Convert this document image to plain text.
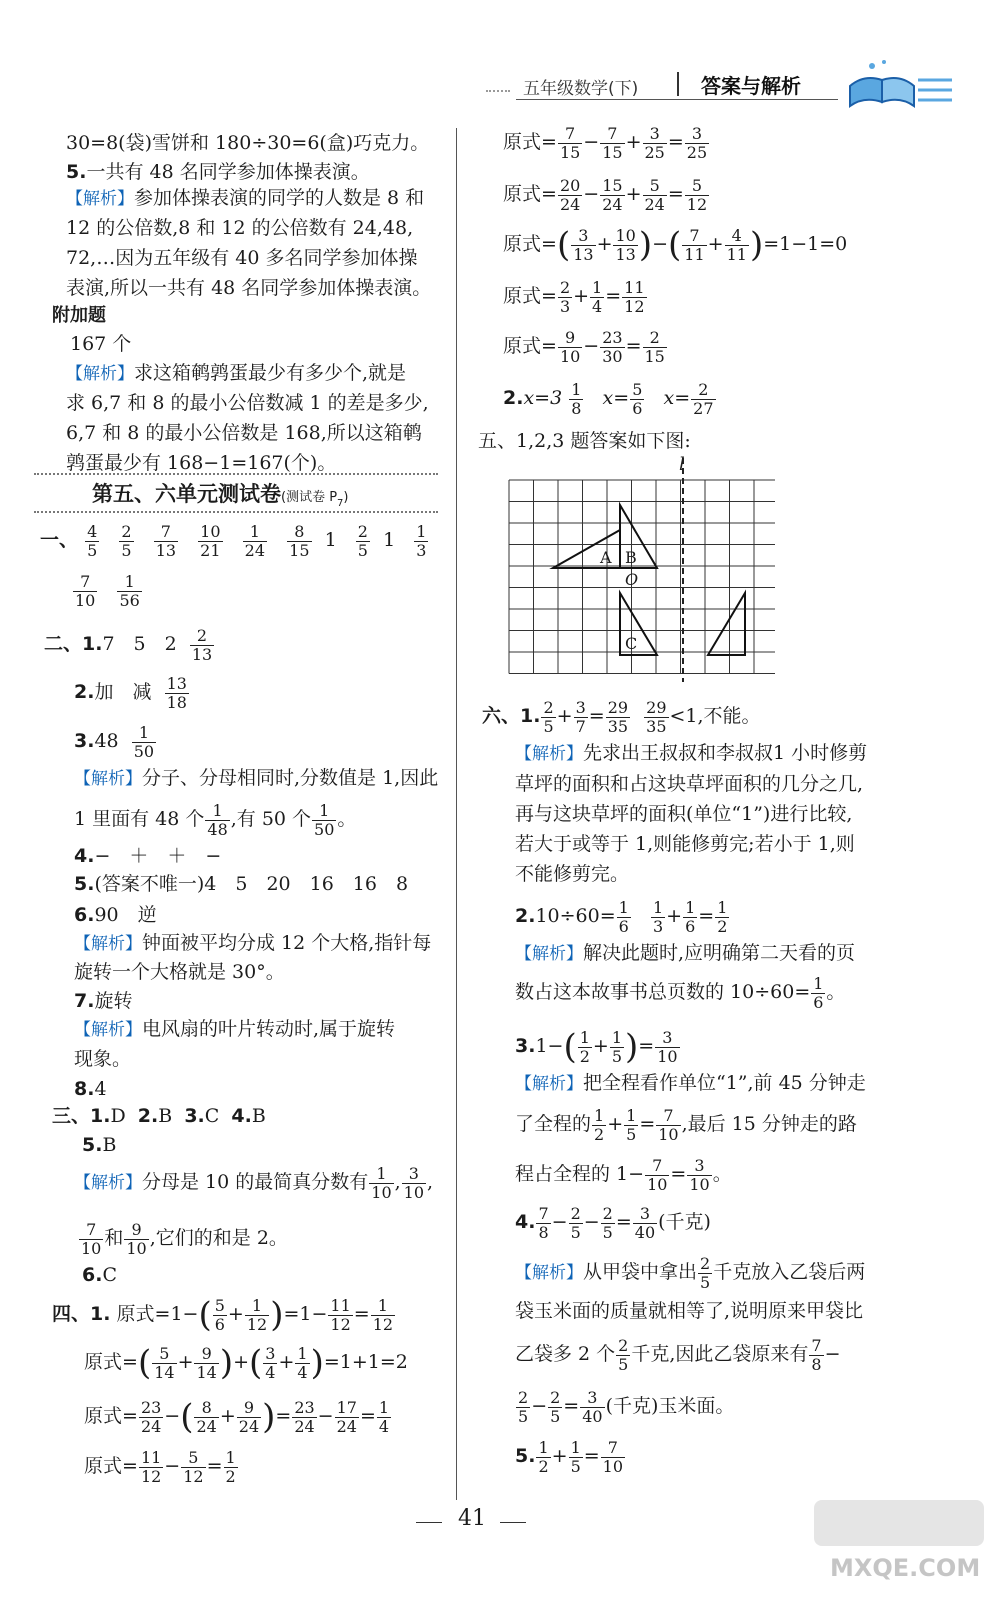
五年级数学(下)	答案与解析
30=8(袋)雪饼和 180÷30=6(盒)巧克力。
5.一共有 48 名同学参加体操表演。
【解析】参加体操表演的同学的人数是 8 和
12 的公倍数,8 和 12 的公倍数有 24,48,
72,…因为五年级有 40 多名同学参加体操
表演,所以一共有 48 名同学参加体操表演。
附加题
167 个
【解析】求这箱鹌鹑蛋最少有多少个,就是
求 6,7 和 8 的最小公倍数减 1 的差是多少,
6,7 和 8 的最小公倍数是 168,所以这箱鹌
鹑蛋最少有 168−1=167(个)。
第五、六单元测试卷(测试卷 $P_7$)
一、 $\frac{4}{5}$
$\frac{2}{5}$
$\frac{7}{13}$
$\frac{10}{21}$
$\frac{1}{24}$
$\frac{8}{15} 1 \frac{2}{5} 1 \frac{1}{3}$
$\frac{7}{10}$
$\frac{1}{56}$
二、1.7　5　$2 \frac{2}{13}$
2.加　减 $\frac{13}{18}$
$3.48 \frac{1}{50}$
【解析】分子、分母相同时,分数值是 1,因此
1 里面有 48 个 $\frac{1}{48}$ ,有 50 个 $\frac{1}{50}$ 。
4.−　＋　＋　−
5.(答案不唯一)4　5　20　16　16　8
6.90　逆
【解析】钟面被平均分成 12 个大格,指针每
旋转一个大格就是 30°。
7.旋转
【解析】电风扇的叶片转动时,属于旋转
现象。
8.4
三、1.D 2.B 3.C 4.B
5.B
【解析】分母是 10 的最简真分数有 $\frac{1}{10}$ , $\frac{3}{10}$ ,
$\frac{7}{10}$ 和 $\frac{9}{10}$ ,它们的和是 2。
6.C
四、1. 原式$=1-( \frac{5}{6} + \frac{1}{12} )=1- \frac{11}{12} = \frac{1}{12}$
原式=( $\frac{5}{14} + \frac{9}{14}$ )+( $\frac{3}{4} + \frac{1}{4} )=1+1=2$
原式= $\frac{23}{24}$ −( $\frac{8}{24} + \frac{9}{24}$ )= $\frac{23}{24} - \frac{17}{24} = \frac{1}{4}$
原式= $\frac{11}{12} - \frac{5}{12} = \frac{1}{2}$
原式= $\frac{7}{15} - \frac{7}{15} + \frac{3}{25} = \frac{3}{25}$
原式= $\frac{20}{24} - \frac{15}{24} + \frac{5}{24} = \frac{5}{12}$
原式=( $\frac{3}{13} + \frac{10}{13}$ )−( $\frac{7}{11} + \frac{4}{11} )=1-1=0$
原式= $\frac{2}{3} + \frac{1}{4} = \frac{11}{12}$
原式= $\frac{9}{10} - \frac{23}{30} = \frac{2}{15}$
$2.x=3 \frac{1}{8} x= \frac{5}{6} x= \frac{2}{27}$
五、1,2,3 题答案如下图:
l
A B
O
C
六、1. $\frac{2}{5} + \frac{3}{7} = \frac{29}{35}$
$\frac{29}{35} <1$,不能。
【解析】先求出王叔叔和李叔叔1 小时修剪
草坪的面积和占这块草坪面积的几分之几,
再与这块草坪的面积(单位“1”)进行比较,
若大于或等于 1,则能修剪完;若小于 1,则
不能修剪完。
$2.10\div 60= \frac{1}{6}$
$\frac{1}{3} + \frac{1}{6} = \frac{1}{2}$
【解析】解决此题时,应明确第二天看的页
数占这本故事书总页数的 $10\div 60= \frac{1}{6}$ 。
$3.1-( \frac{1}{2} + \frac{1}{5}$ )= $\frac{3}{10}$
【解析】把全程看作单位“1”,前 45 分钟走
了全程的 $\frac{1}{2} + \frac{1}{5} = \frac{7}{10}$ ,最后 15 分钟走的路
程占全程的 $1- \frac{7}{10} = \frac{3}{10}$ 。
4. $\frac{7}{8} - \frac{2}{5} - \frac{2}{5} = \frac{3}{40}$ (千克)
【解析】从甲袋中拿出 $\frac{2}{5}$ 千克放入乙袋后两
袋玉米面的质量就相等了,说明原来甲袋比
乙袋多 2 个 $\frac{2}{5}$ 千克,因此乙袋原来有 $\frac{7}{8}$ −
$\frac{2}{5} - \frac{2}{5} = \frac{3}{40}$ (千克)玉米面。
5. $\frac{1}{2} + \frac{1}{5} = \frac{7}{10}$
41
MXQE.COM
